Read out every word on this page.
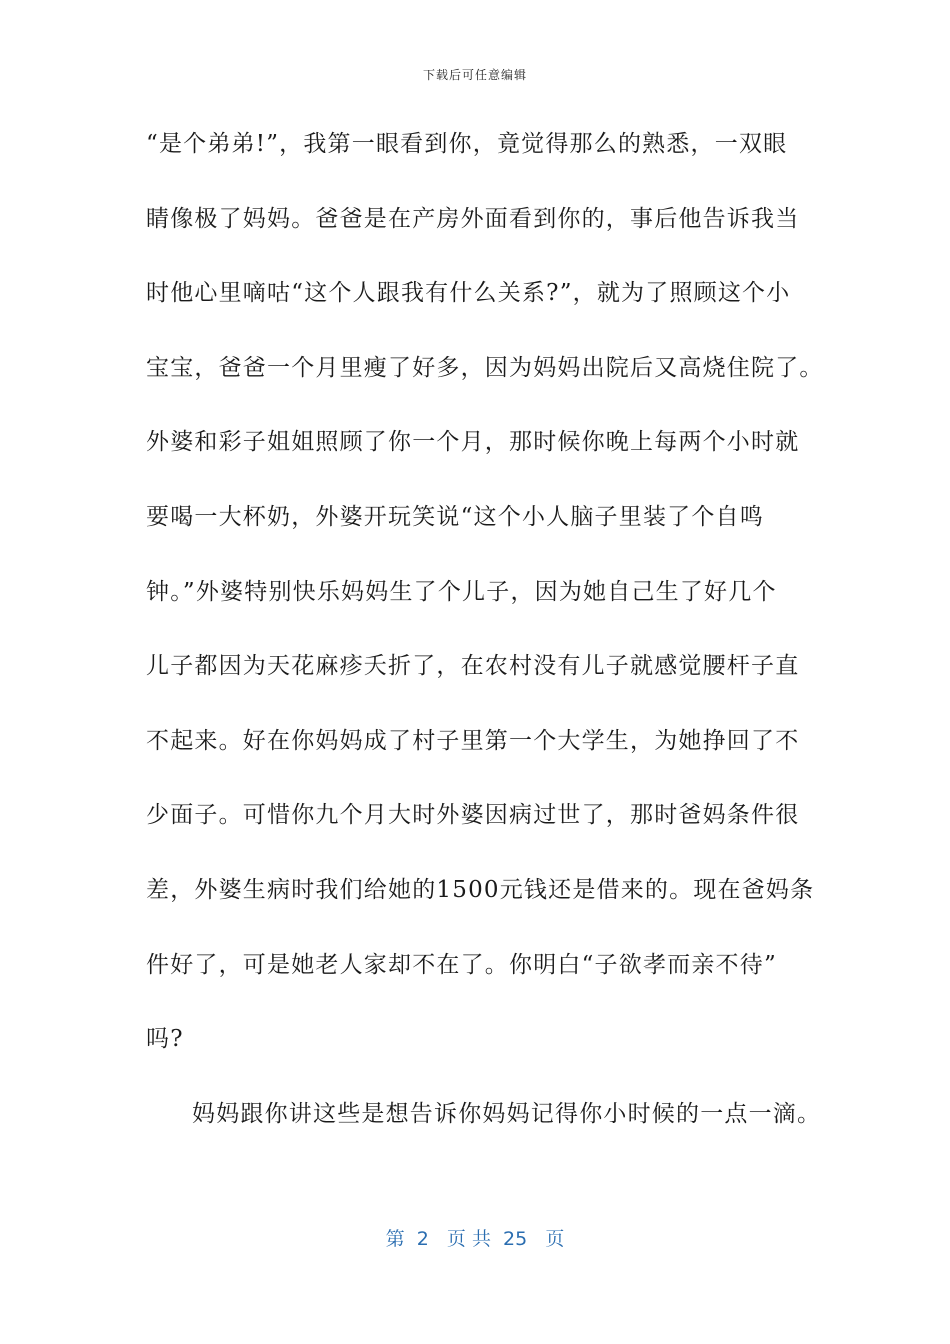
下载后可任意编辑
“是个弟弟!”，我第一眼看到你，竟觉得那么的熟悉，一双眼
睛像极了妈妈。爸爸是在产房外面看到你的，事后他告诉我当
时他心里嘀咕“这个人跟我有什么关系?”，就为了照顾这个小
宝宝，爸爸一个月里瘦了好多，因为妈妈出院后又高烧住院了。
外婆和彩子姐姐照顾了你一个月，那时候你晚上每两个小时就
要喝一大杯奶，外婆开玩笑说“这个小人脑子里装了个自鸣
钟。”外婆特别快乐妈妈生了个儿子，因为她自己生了好几个
儿子都因为天花麻疹夭折了，在农村没有儿子就感觉腰杆子直
不起来。好在你妈妈成了村子里第一个大学生，为她挣回了不
少面子。可惜你九个月大时外婆因病过世了，那时爸妈条件很
差，外婆生病时我们给她的1500元钱还是借来的。现在爸妈条
件好了，可是她老人家却不在了。你明白“子欲孝而亲不待”
吗?
妈妈跟你讲这些是想告诉你妈妈记得你小时候的一点一滴。
第  2   页 共  25   页
